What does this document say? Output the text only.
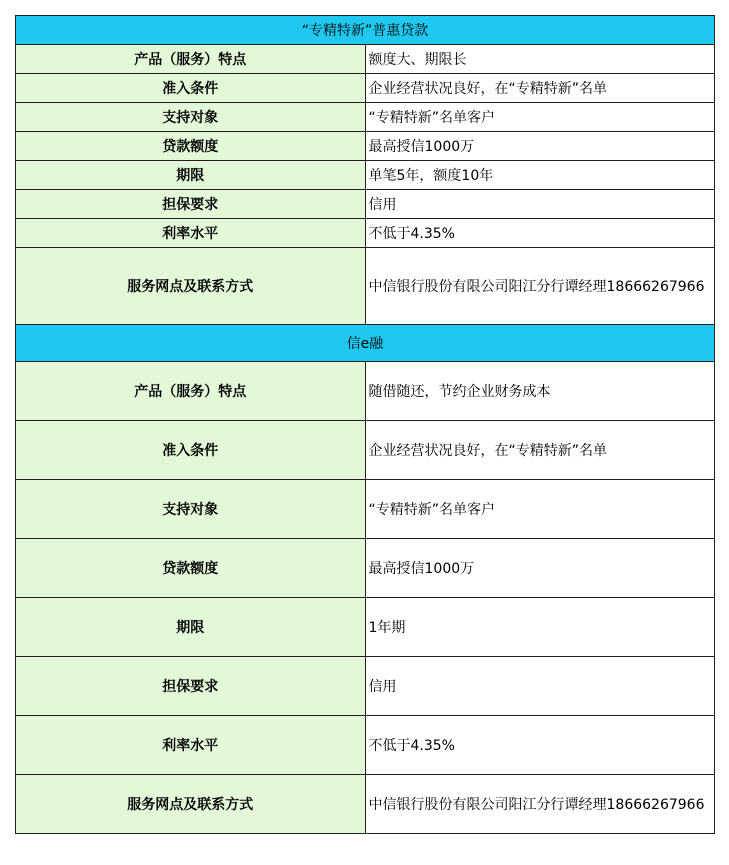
“专精特新”普惠贷款	
产品（服务）特点	额度大、期限长
准入条件	企业经营状况良好，在“专精特新”名单
支持对象	“专精特新”名单客户
贷款额度	最高授信1000万
期限	单笔5年，额度10年
担保要求	信用
利率水平	不低于4.35%
服务网点及联系方式	中信银行股份有限公司阳江分行谭经理18666267966
信e融	
产品（服务）特点	随借随还，节约企业财务成本
准入条件	企业经营状况良好，在“专精特新”名单
支持对象	“专精特新”名单客户
贷款额度	最高授信1000万
期限	1年期
担保要求	信用
利率水平	不低于4.35%
服务网点及联系方式	中信银行股份有限公司阳江分行谭经理18666267966
